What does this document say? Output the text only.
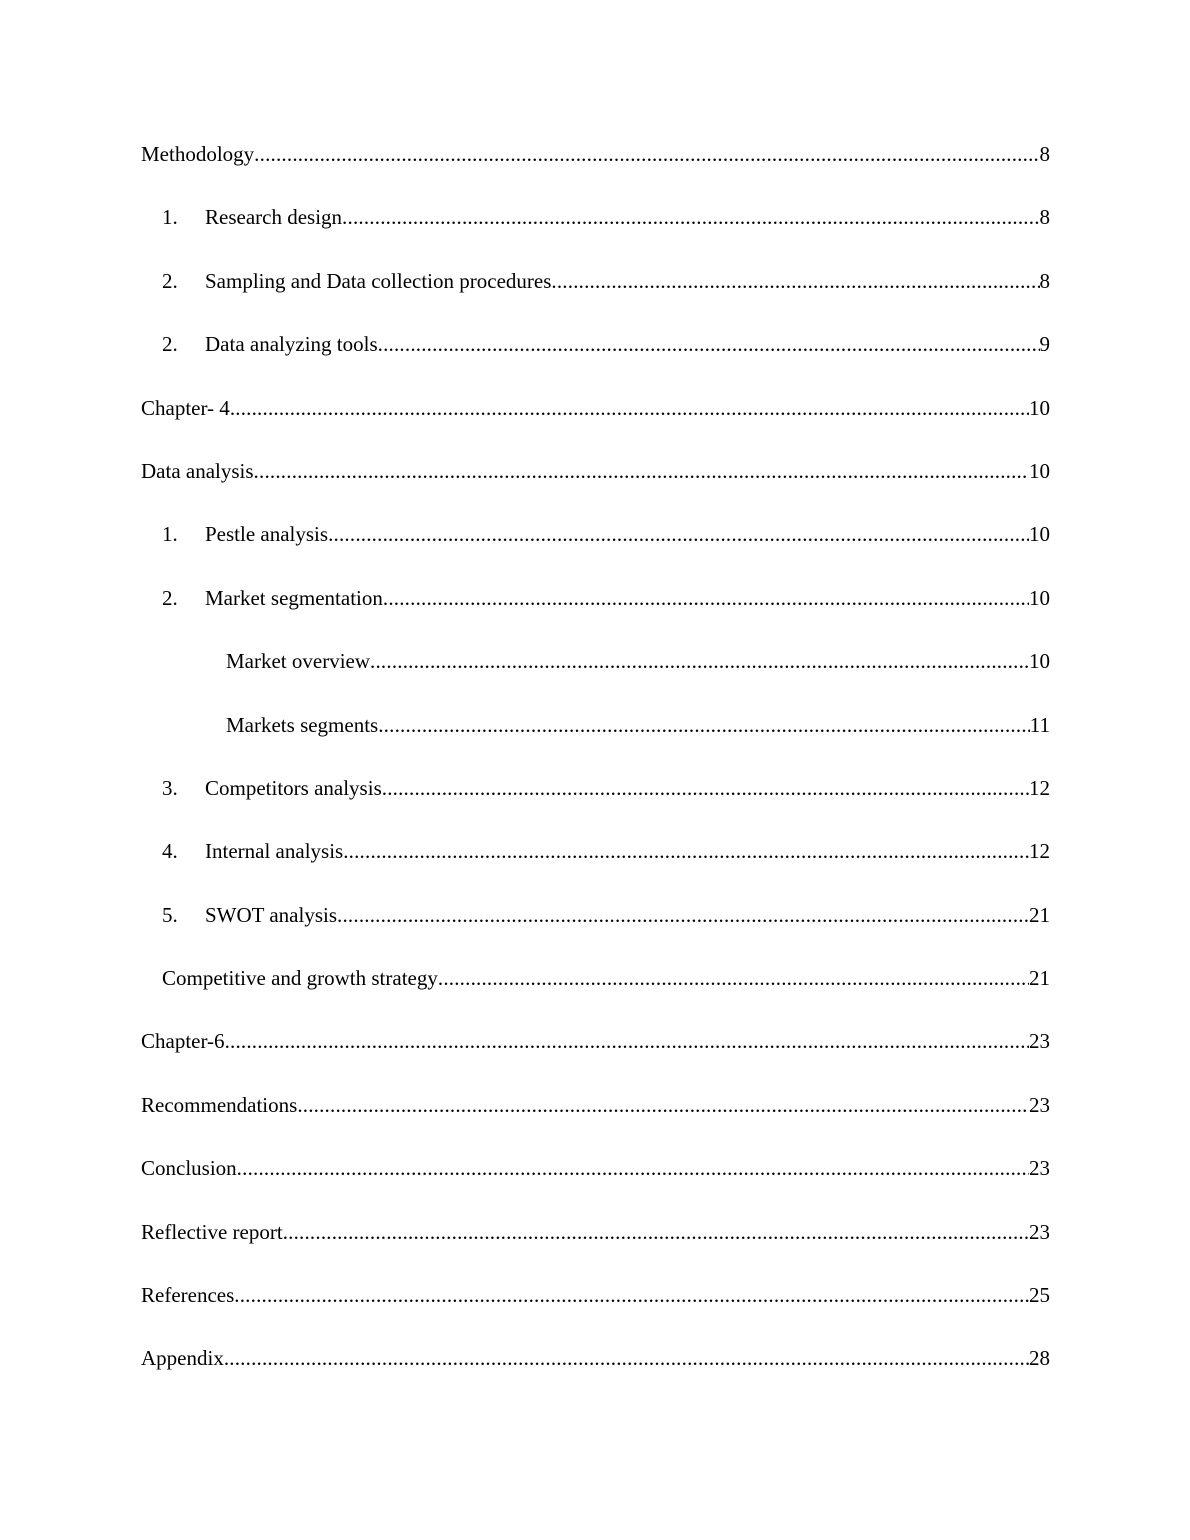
Methodology .....	8
1.	Research design .....	8
2.	Sampling and Data collection procedures .....	8
2.	Data analyzing tools .....	9
Chapter- 4 .....	10
Data analysis .....	10
1.	Pestle analysis .....	10
2.	Market segmentation .....	10
Market overview .....	10
Markets segments .....	11
3.	Competitors analysis .....	12
4.	Internal analysis .....	12
5.	SWOT analysis .....	21
Competitive and growth strategy .....	21
Chapter-6 .....	23
Recommendations .....	23
Conclusion .....	23
Reflective report .....	23
References .....	25
Appendix .....	28
